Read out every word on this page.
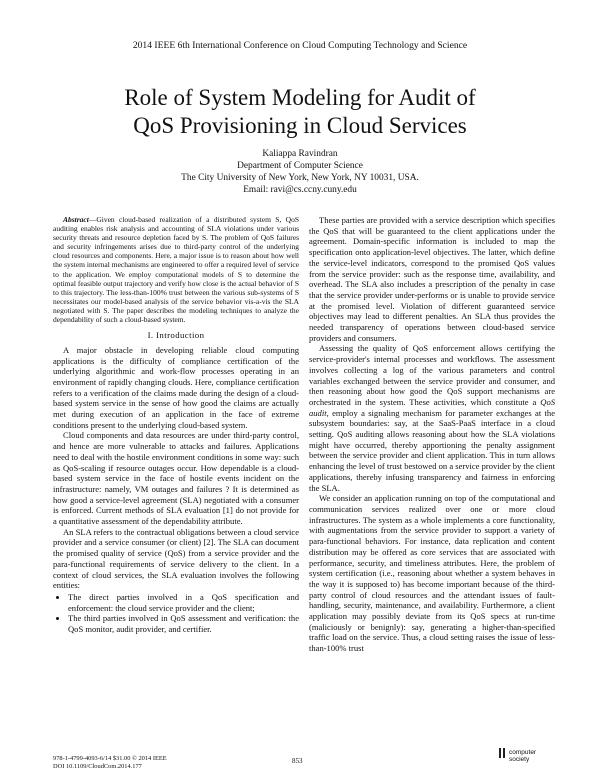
2014 IEEE 6th International Conference on Cloud Computing Technology and Science
Role of System Modeling for Audit of
QoS Provisioning in Cloud Services
Kaliappa Ravindran
Department of Computer Science
The City University of New York, New York, NY 10031, USA.
Email: ravi@cs.ccny.cuny.edu

Abstract—Given cloud-based realization of a distributed system S, QoS auditing enables risk analysis and accounting of SLA violations under various security threats and resource depletion faced by S. The problem of QoS failures and security infringements arises due to third-party control of the underlying cloud resources and components. Here, a major issue is to reason about how well the system internal mechanisms are engineered to offer a required level of service to the application. We employ computational models of S to determine the optimal feasible output trajectory and verify how close is the actual behavior of S to this trajectory. The less-than-100% trust between the various sub-systems of S necessitates our model-based analysis of the service behavior vis-a-vis the SLA negotiated with S. The paper describes the modeling techniques to analyze the dependability of such a cloud-based system.

I. Introduction

A major obstacle in developing reliable cloud computing applications is the difficulty of compliance certification of the underlying algorithmic and work-flow processes operating in an environment of rapidly changing clouds. Here, compliance certification refers to a verification of the claims made during the design of a cloud-based system service in the sense of how good the claims are actually met during execution of an application in the face of extreme conditions present to the underlying cloud-based system.

Cloud components and data resources are under third-party control, and hence are more vulnerable to attacks and failures. Applications need to deal with the hostile environment conditions in some way: such as QoS-scaling if resource outages occur. How dependable is a cloud-based system service in the face of hostile events incident on the infrastructure: namely, VM outages and failures ? It is determined as how good a service-level agreement (SLA) negotiated with a consumer is enforced. Current methods of SLA evaluation [1] do not provide for a quantitative assessment of the dependability attribute.

An SLA refers to the contractual obligations between a cloud service provider and a service consumer (or client) [2]. The SLA can document the promised quality of service (QoS) from a service provider and the para-functional requirements of service delivery to the client. In a context of cloud services, the SLA evaluation involves the following entities:

• The direct parties involved in a QoS specification and enforcement: the cloud service provider and the client;
• The third parties involved in QoS assessment and verification: the QoS monitor, audit provider, and certifier.

These parties are provided with a service description which specifies the QoS that will be guaranteed to the client applications under the agreement. Domain-specific information is included to map the specification onto application-level objectives. The latter, which define the service-level indicators, correspond to the promised QoS values from the service provider: such as the response time, availability, and overhead. The SLA also includes a prescription of the penalty in case that the service provider under-performs or is unable to provide service at the promised level. Violation of different guaranteed service objectives may lead to different penalties. An SLA thus provides the needed transparency of operations between cloud-based service providers and consumers.

Assessing the quality of QoS enforcement allows certifying the service-provider's internal processes and workflows. The assessment involves collecting a log of the various parameters and control variables exchanged between the service provider and consumer, and then reasoning about how good the QoS support mechanisms are orchestrated in the system. These activities, which constitute a QoS audit, employ a signaling mechanism for parameter exchanges at the subsystem boundaries: say, at the SaaS-PaaS interface in a cloud setting. QoS auditing allows reasoning about how the SLA violations might have occurred, thereby apportioning the penalty assignment between the service provider and client application. This in turn allows enhancing the level of trust bestowed on a service provider by the client applications, thereby infusing transparency and fairness in enforcing the SLA.

We consider an application running on top of the computational and communication services realized over one or more cloud infrastructures. The system as a whole implements a core functionality, with augmentations from the service provider to support a variety of para-functional behaviors. For instance, data replication and content distribution may be offered as core services that are associated with performance, security, and timeliness attributes. Here, the problem of system certification (i.e., reasoning about whether a system behaves in the way it is supposed to) has become important because of the third-party control of cloud resources and the attendant issues of fault-handling, security, maintenance, and availability. Furthermore, a client application may possibly deviate from its QoS specs at run-time (maliciously or benignly): say, generating a higher-than-specified traffic load on the service. Thus, a cloud setting raises the issue of less-than-100% trust

978-1-4799-4093-6/14 $31.00 © 2014 IEEE
DOI 10.1109/CloudCom.2014.177
853
computer
society
